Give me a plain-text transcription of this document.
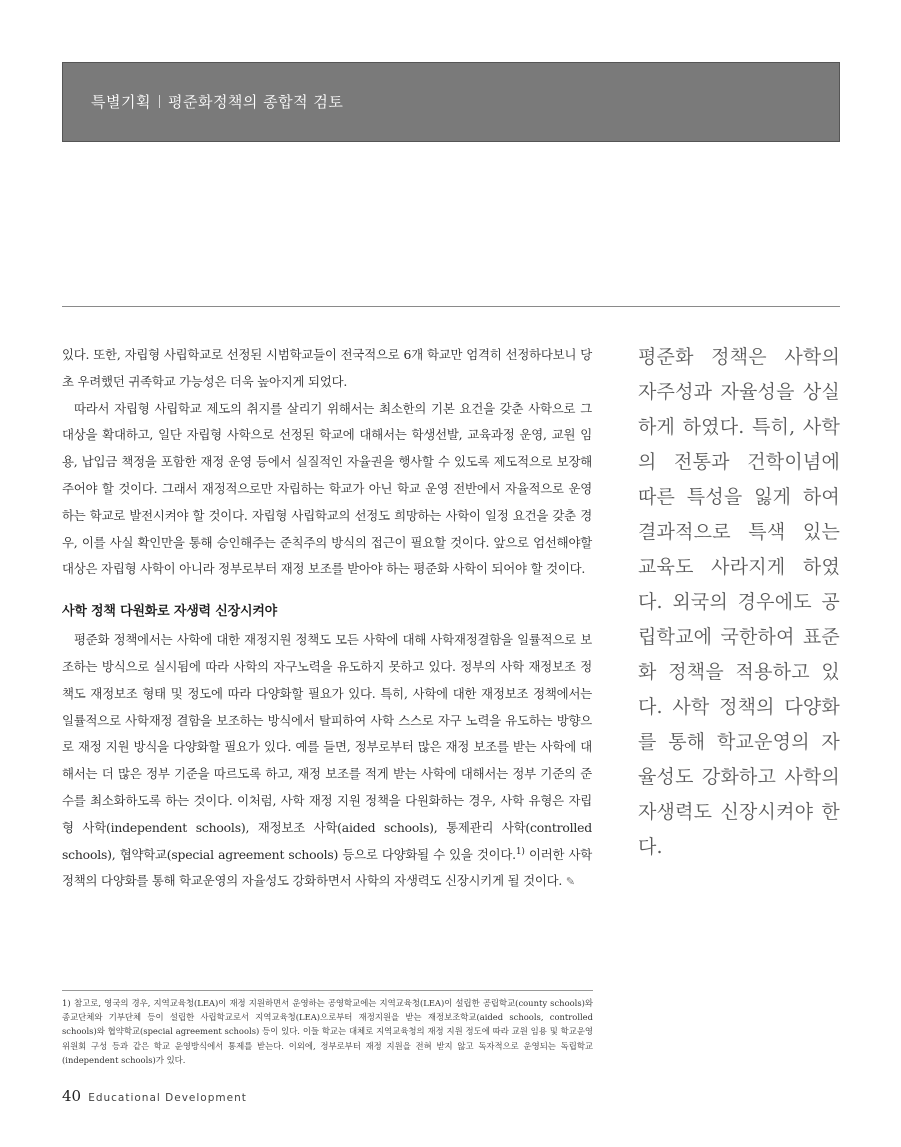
특별기획 평준화정책의 종합적 검토

있다. 또한, 자립형 사립학교로 선정된 시범학교들이 전국적으로 6개 학교만 엄격히 선정하다보니 당초 우려했던 귀족학교 가능성은 더욱 높아지게 되었다.

따라서 자립형 사립학교 제도의 취지를 살리기 위해서는 최소한의 기본 요건을 갖춘 사학으로 그 대상을 확대하고, 일단 자립형 사학으로 선정된 학교에 대해서는 학생선발, 교육과정 운영, 교원 임용, 납입금 책정을 포함한 재정 운영 등에서 실질적인 자율권을 행사할 수 있도록 제도적으로 보장해 주어야 할 것이다. 그래서 재정적으로만 자립하는 학교가 아닌 학교 운영 전반에서 자율적으로 운영하는 학교로 발전시켜야 할 것이다. 자립형 사립학교의 선정도 희망하는 사학이 일정 요건을 갖춘 경우, 이를 사실 확인만을 통해 승인해주는 준칙주의 방식의 접근이 필요할 것이다. 앞으로 엄선해야할 대상은 자립형 사학이 아니라 정부로부터 재정 보조를 받아야 하는 평준화 사학이 되어야 할 것이다.

사학 정책 다원화로 자생력 신장시켜야

평준화 정책에서는 사학에 대한 재정지원 정책도 모든 사학에 대해 사학재정결함을 일률적으로 보조하는 방식으로 실시됨에 따라 사학의 자구노력을 유도하지 못하고 있다. 정부의 사학 재정보조 정책도 재정보조 형태 및 정도에 따라 다양화할 필요가 있다. 특히, 사학에 대한 재정보조 정책에서는 일률적으로 사학재정 결함을 보조하는 방식에서 탈피하여 사학 스스로 자구 노력을 유도하는 방향으로 재정 지원 방식을 다양화할 필요가 있다. 예를 들면, 정부로부터 많은 재정 보조를 받는 사학에 대해서는 더 많은 정부 기준을 따르도록 하고, 재정 보조를 적게 받는 사학에 대해서는 정부 기준의 준수를 최소화하도록 하는 것이다. 이처럼, 사학 재정 지원 정책을 다원화하는 경우, 사학 유형은 자립형 사학(independent schools), 재정보조 사학(aided schools), 통제관리 사학(controlled schools), 협약학교(special agreement schools) 등으로 다양화될 수 있을 것이다.$^{1)}$ 이러한 사학 정책의 다양화를 통해 학교운영의 자율성도 강화하면서 사학의 자생력도 신장시키게 될 것이다. ✎

평준화 정책은 사학의 자주성과 자율성을 상실하게 하였다. 특히, 사학의 전통과 건학이념에 따른 특성을 잃게 하여 결과적으로 특색 있는 교육도 사라지게 하였다. 외국의 경우에도 공립학교에 국한하여 표준화 정책을 적용하고 있다. 사학 정책의 다양화를 통해 학교운영의 자율성도 강화하고 사학의 자생력도 신장시켜야 한다.
1) 참고로, 영국의 경우, 지역교육청(LEA)이 재정 지원하면서 운영하는 공영학교에는 지역교육청(LEA)이 설립한 공립학교(county schools)와 종교단체와 기부단체 등이 설립한 사립학교로서 지역교육청(LEA)으로부터 재정지원을 받는 재정보조학교(aided schools, controlled schools)와 협약학교(special agreement schools) 등이 있다. 이들 학교는 대체로 지역교육청의 재정 지원 정도에 따라 교원 임용 및 학교운영위원회 구성 등과 같은 학교 운영방식에서 통제를 받는다. 이외에, 정부로부터 재정 지원을 전혀 받지 않고 독자적으로 운영되는 독립학교(independent schools)가 있다.
40 Educational Development
